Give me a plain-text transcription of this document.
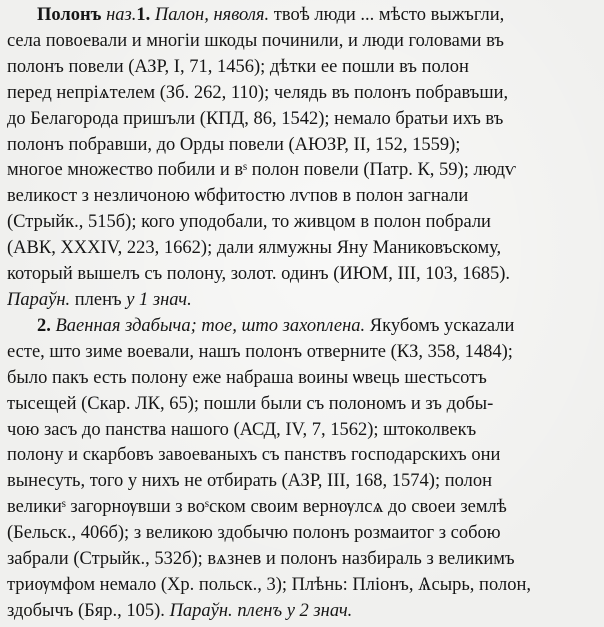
Полонъ наз.1. Палон, няволя. твоѣ люди ... мѣсто выжъгли,
села повоевали и многіи шкоды починили, и люди головами въ
полонъ повели (АЗР, I, 71, 1456); дѣтки ее пошли въ полон
перед непріѧтелем (Зб. 262, 110); челядь въ полонъ побравъши,
до Белагорода пришъли (КПД, 86, 1542); немало братьи ихъ въ
полонъ побравши, до Орды повели (АЮЗР, II, 152, 1559);
многое множество побили и вˢ полон повели (Патр. К, 59); людѵ
великост з незличоною ѡбфитостю лѵпов в полон загнали
(Стрыйк., 515б); кого уподобали, то живцом в полон побрали
(АВК, XXXIV, 223, 1662); дали ялмужны Яну Маниковъскому,
который вышелъ съ полону, золот. одинъ (ИЮМ, III, 103, 1685).
Параўн. пленъ у 1 знач.
2. Ваенная здабыча; тое, што захоплена. Якубомъ ускazали
есте, што зиме воевали, нашъ полонъ отверните (КЗ, 358, 1484);
было пакъ есть полону еже набраша воины ѡвець шестьсотъ
тысещей (Скар. ЛК, 65); пошли были съ полономъ и зъ добы-
чою засъ до панства нашого (АСД, IV, 7, 1562); штоколвекъ
полону и скарбовъ завоеваныхъ съ панствъ господарскихъ они
вынесуть, того у нихъ не отбирать (АЗР, III, 168, 1574); полон
великиˢ загорнѹвши з воˢском своим вернѹлсѧ до своеи землѣ
(Бельск., 406б); з великою здобычю полонъ розмаитог з собою
забрали (Стрыйк., 532б); вѧзнев и полонъ назбираль з великимъ
триѹмфом немало (Хр. польск., 3); Плѣнь: Пліонъ, Ѧсырь, полон,
здобычъ (Бяр., 105). Параўн. пленъ у 2 знач.
